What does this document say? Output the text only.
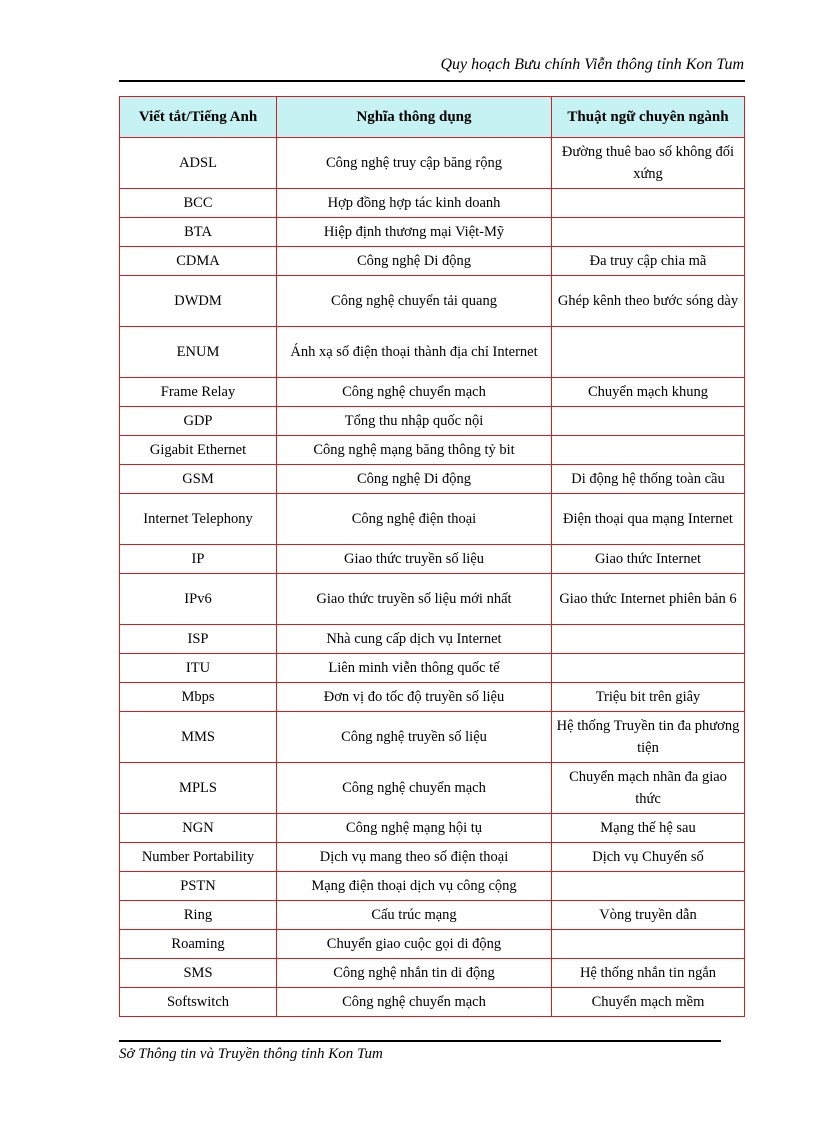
Quy hoạch Bưu chính Viễn thông tỉnh Kon Tum
Viết tắt/Tiếng Anh	Nghĩa thông dụng	Thuật ngữ chuyên ngành
ADSL	Công nghệ truy cập băng rộng	Đường thuê bao số không đối xứng
BCC	Hợp đồng hợp tác kinh doanh	
BTA	Hiệp định thương mại Việt-Mỹ	
CDMA	Công nghệ Di động	Đa truy cập chia mã
DWDM	Công nghệ chuyển tải quang	Ghép kênh theo bước sóng dày
ENUM	Ánh xạ số điện thoại thành địa chỉ Internet	
Frame Relay	Công nghệ chuyển mạch	Chuyển mạch khung
GDP	Tổng thu nhập quốc nội	
Gigabit Ethernet	Công nghệ mạng băng thông tỷ bit	
GSM	Công nghệ Di động	Di động hệ thống toàn cầu
Internet Telephony	Công nghệ điện thoại	Điện thoại qua mạng Internet
IP	Giao thức truyền số liệu	Giao thức Internet
IPv6	Giao thức truyền số liệu mới nhất	Giao thức Internet phiên bản 6
ISP	Nhà cung cấp dịch vụ Internet	
ITU	Liên minh viễn thông quốc tế	
Mbps	Đơn vị đo tốc độ truyền số liệu	Triệu bit trên giây
MMS	Công nghệ truyền số liệu	Hệ thống Truyền tin đa phương tiện
MPLS	Công nghệ chuyển mạch	Chuyển mạch nhãn đa giao thức
NGN	Công nghệ mạng hội tụ	Mạng thế hệ sau
Number Portability	Dịch vụ mang theo số điện thoại	Dịch vụ Chuyển số
PSTN	Mạng điện thoại dịch vụ công cộng	
Ring	Cấu trúc mạng	Vòng truyền dẫn
Roaming	Chuyển giao cuộc gọi di động	
SMS	Công nghệ nhắn tin di động	Hệ thống nhắn tin ngắn
Softswitch	Công nghệ chuyển mạch	Chuyển mạch mềm
Sở Thông tin và Truyền thông tỉnh Kon Tum
